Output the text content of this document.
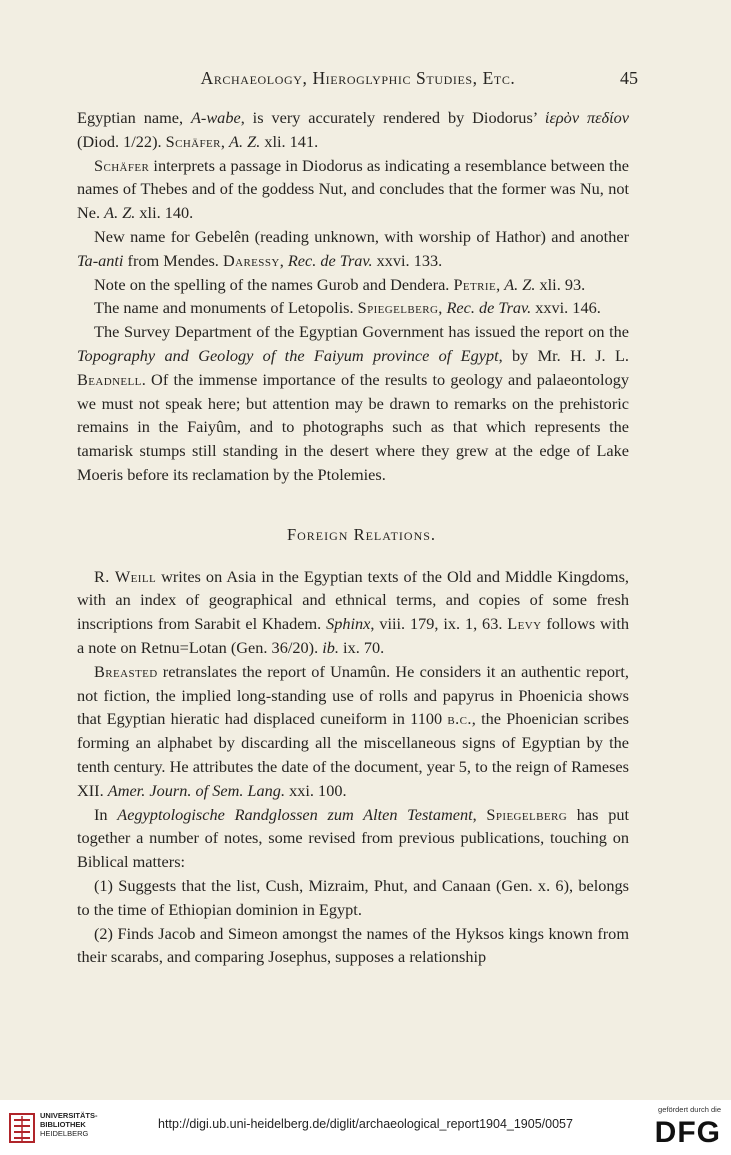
Archaeology, Hieroglyphic Studies, Etc.	45

Egyptian name, A-wabe, is very accurately rendered by Diodorus’ ἱερὸν πεδίον (Diod. 1/22). Schäfer, A. Z. xli. 141.

Schäfer interprets a passage in Diodorus as indicating a resemblance between the names of Thebes and of the goddess Nut, and concludes that the former was Nu, not Ne. A. Z. xli. 140.

New name for Gebelên (reading unknown, with worship of Hathor) and another Ta-anti from Mendes. Daressy, Rec. de Trav. xxvi. 133.

Note on the spelling of the names Gurob and Dendera. Petrie, A. Z. xli. 93.

The name and monuments of Letopolis. Spiegelberg, Rec. de Trav. xxvi. 146.

The Survey Department of the Egyptian Government has issued the report on the Topography and Geology of the Faiyum province of Egypt, by Mr. H. J. L. Beadnell. Of the immense importance of the results to geology and palaeontology we must not speak here; but attention may be drawn to remarks on the prehistoric remains in the Faiyûm, and to photographs such as that which represents the tamarisk stumps still standing in the desert where they grew at the edge of Lake Moeris before its reclamation by the Ptolemies.

Foreign Relations.

R. Weill writes on Asia in the Egyptian texts of the Old and Middle Kingdoms, with an index of geographical and ethnical terms, and copies of some fresh inscriptions from Sarabit el Khadem. Sphinx, viii. 179, ix. 1, 63. Levy follows with a note on Retnu=Lotan (Gen. 36/20). ib. ix. 70.

Breasted retranslates the report of Unamûn. He considers it an authentic report, not fiction, the implied long-standing use of rolls and papyrus in Phoenicia shows that Egyptian hieratic had displaced cuneiform in 1100 b.c., the Phoenician scribes forming an alphabet by discarding all the miscellaneous signs of Egyptian by the tenth century. He attributes the date of the document, year 5, to the reign of Rameses XII. Amer. Journ. of Sem. Lang. xxi. 100.

In Aegyptologische Randglossen zum Alten Testament, Spiegelberg has put together a number of notes, some revised from previous publications, touching on Biblical matters:

(1) Suggests that the list, Cush, Mizraim, Phut, and Canaan (Gen. x. 6), belongs to the time of Ethiopian dominion in Egypt.

(2) Finds Jacob and Simeon amongst the names of the Hyksos kings known from their scarabs, and comparing Josephus, supposes a relationship

UNIVERSITÄTS-
BIBLIOTHEK
HEIDELBERG
http://digi.ub.uni-heidelberg.de/diglit/archaeological_report1904_1905/0057
gefördert durch die
DFG
